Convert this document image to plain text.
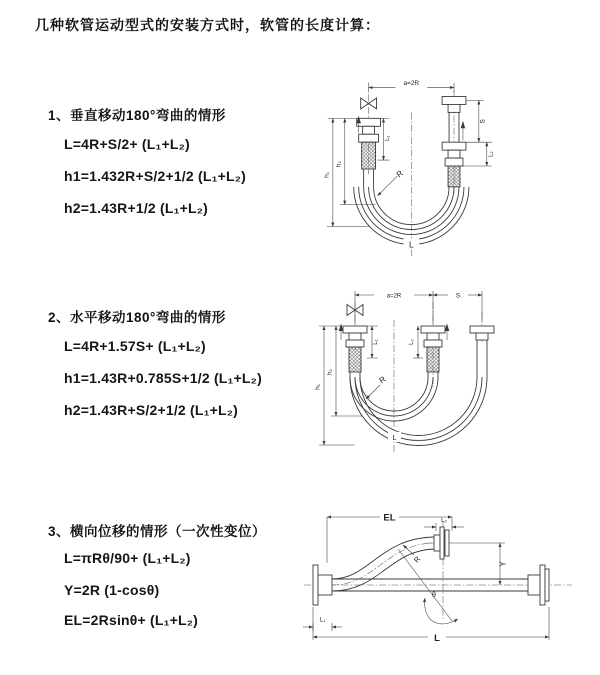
几种软管运动型式的安装方式时，软管的长度计算：
1、垂直移动180°弯曲的情形
L=4R+S/2+ (L₁+L₂)
h1=1.432R+S/2+1/2 (L₁+L₂)
h2=1.43R+1/2 (L₁+L₂)
2、水平移动180°弯曲的情形
L=4R+1.57S+ (L₁+L₂)
h1=1.43R+0.785S+1/2 (L₁+L₂)
h2=1.43R+S/2+1/2 (L₁+L₂)
3、横向位移的情形（一次性变位）
L=πRθ/90+ (L₁+L₂)
Y=2R (1-cosθ)
EL=2Rsinθ+ (L₁+L₂)
a=2R
h₁
h₂
L₁
S
L₂
R
L
a=2R	S
h₁
h₂
L₁	L₂
R
L
θ
R
EL	L₂
Y
L
L₁
